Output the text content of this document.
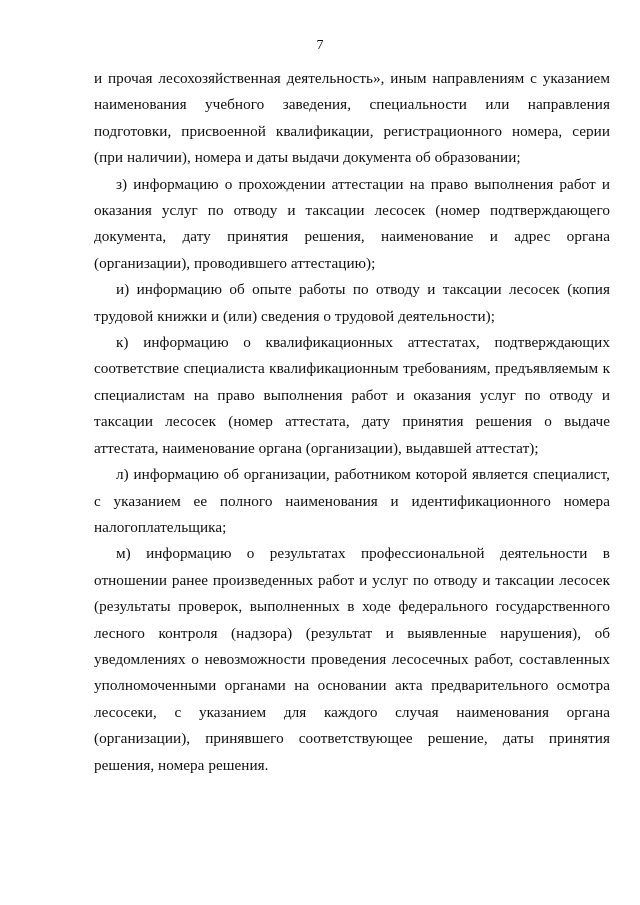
7

и прочая лесохозяйственная деятельность», иным направлениям с указанием наименования учебного заведения, специальности или направления подготовки, присвоенной квалификации, регистрационного номера, серии (при наличии), номера и даты выдачи документа об образовании;

з) информацию о прохождении аттестации на право выполнения работ и оказания услуг по отводу и таксации лесосек (номер подтверждающего документа, дату принятия решения, наименование и адрес органа (организации), проводившего аттестацию);

и) информацию об опыте работы по отводу и таксации лесосек (копия трудовой книжки и (или) сведения о трудовой деятельности);

к) информацию о квалификационных аттестатах, подтверждающих соответствие специалиста квалификационным требованиям, предъявляемым к специалистам на право выполнения работ и оказания услуг по отводу и таксации лесосек (номер аттестата, дату принятия решения о выдаче аттестата, наименование органа (организации), выдавшей аттестат);

л) информацию об организации, работником которой является специалист, с указанием ее полного наименования и идентификационного номера налогоплательщика;

м) информацию о результатах профессиональной деятельности в отношении ранее произведенных работ и услуг по отводу и таксации лесосек (результаты проверок, выполненных в ходе федерального государственного лесного контроля (надзора) (результат и выявленные нарушения), об уведомлениях о невозможности проведения лесосечных работ, составленных уполномоченными органами на основании акта предварительного осмотра лесосеки, с указанием для каждого случая наименования органа (организации), принявшего соответствующее решение, даты принятия решения, номера решения.
